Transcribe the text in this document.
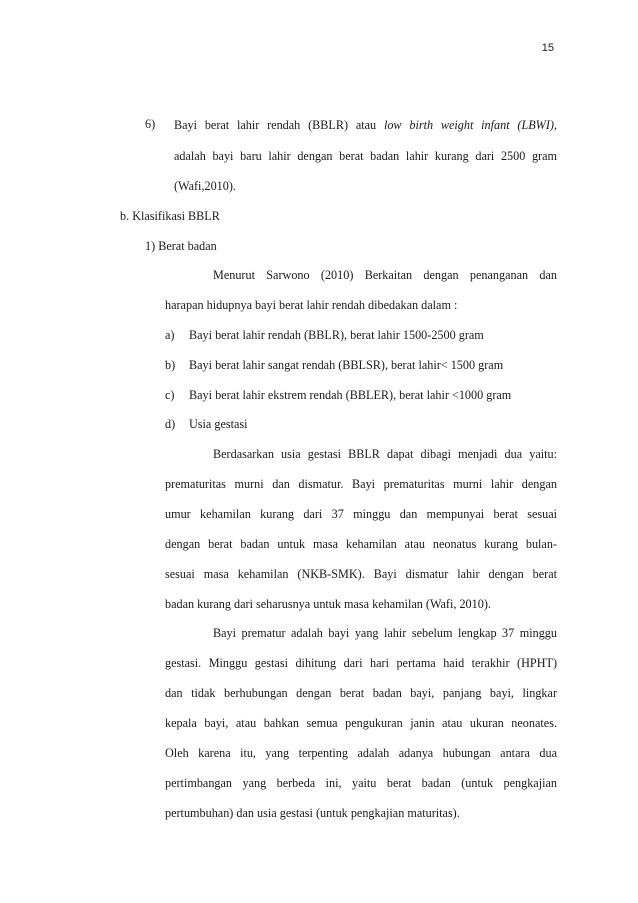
15
6) Bayi berat lahir rendah (BBLR) atau low birth weight infant (LBWI),
adalah bayi baru lahir dengan berat badan lahir kurang dari 2500 gram
(Wafi,2010).
b. Klasifikasi BBLR
1) Berat badan
Menurut Sarwono (2010) Berkaitan dengan penanganan dan
harapan hidupnya bayi berat lahir rendah dibedakan dalam :
a) Bayi berat lahir rendah (BBLR), berat lahir 1500-2500 gram
b) Bayi berat lahir sangat rendah (BBLSR), berat lahir< 1500 gram
c) Bayi berat lahir ekstrem rendah (BBLER), berat lahir <1000 gram
d) Usia gestasi
Berdasarkan usia gestasi BBLR dapat dibagi menjadi dua yaitu:
prematuritas murni dan dismatur. Bayi prematuritas murni lahir dengan
umur kehamilan kurang dari 37 minggu dan mempunyai berat sesuai
dengan berat badan untuk masa kehamilan atau neonatus kurang bulan-
sesuai masa kehamilan (NKB-SMK). Bayi dismatur lahir dengan berat
badan kurang dari seharusnya untuk masa kehamilan (Wafi, 2010).
Bayi prematur adalah bayi yang lahir sebelum lengkap 37 minggu
gestasi. Minggu gestasi dihitung dari hari pertama haid terakhir (HPHT)
dan tidak berhubungan dengan berat badan bayi, panjang bayi, lingkar
kepala bayi, atau bahkan semua pengukuran janin atau ukuran neonates.
Oleh karena itu, yang terpenting adalah adanya hubungan antara dua
pertimbangan yang berbeda ini, yaitu berat badan (untuk pengkajian
pertumbuhan) dan usia gestasi (untuk pengkajian maturitas).
